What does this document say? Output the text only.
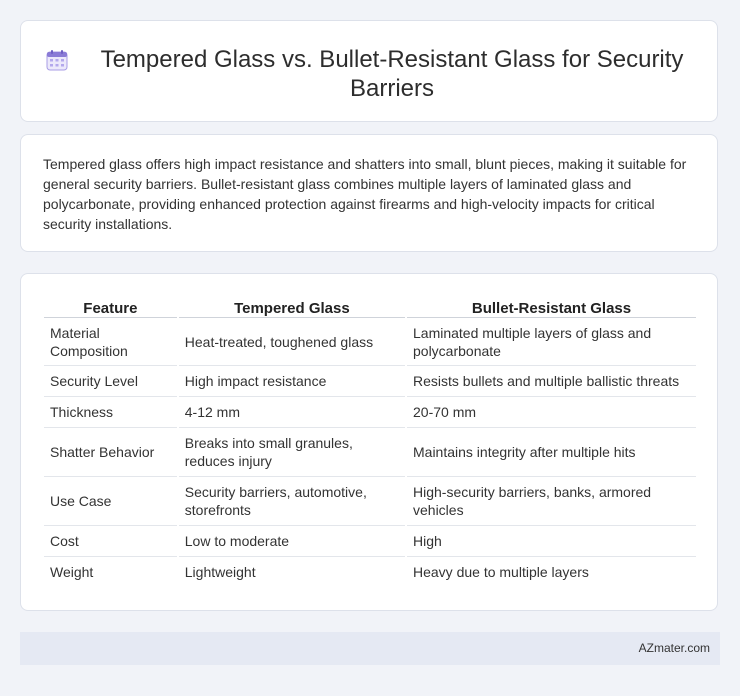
Tempered Glass vs. Bullet-Resistant Glass for Security Barriers

Tempered glass offers high impact resistance and shatters into small, blunt pieces, making it suitable for general security barriers. Bullet-resistant glass combines multiple layers of laminated glass and polycarbonate, providing enhanced protection against firearms and high-velocity impacts for critical security installations.

Feature	Tempered Glass	Bullet-Resistant Glass
Material Composition	Heat-treated, toughened glass	Laminated multiple layers of glass and polycarbonate
Security Level	High impact resistance	Resists bullets and multiple ballistic threats
Thickness	4-12 mm	20-70 mm
Shatter Behavior	Breaks into small granules, reduces injury	Maintains integrity after multiple hits
Use Case	Security barriers, automotive, storefronts	High-security barriers, banks, armored vehicles
Cost	Low to moderate	High
Weight	Lightweight	Heavy due to multiple layers
AZmater.com
